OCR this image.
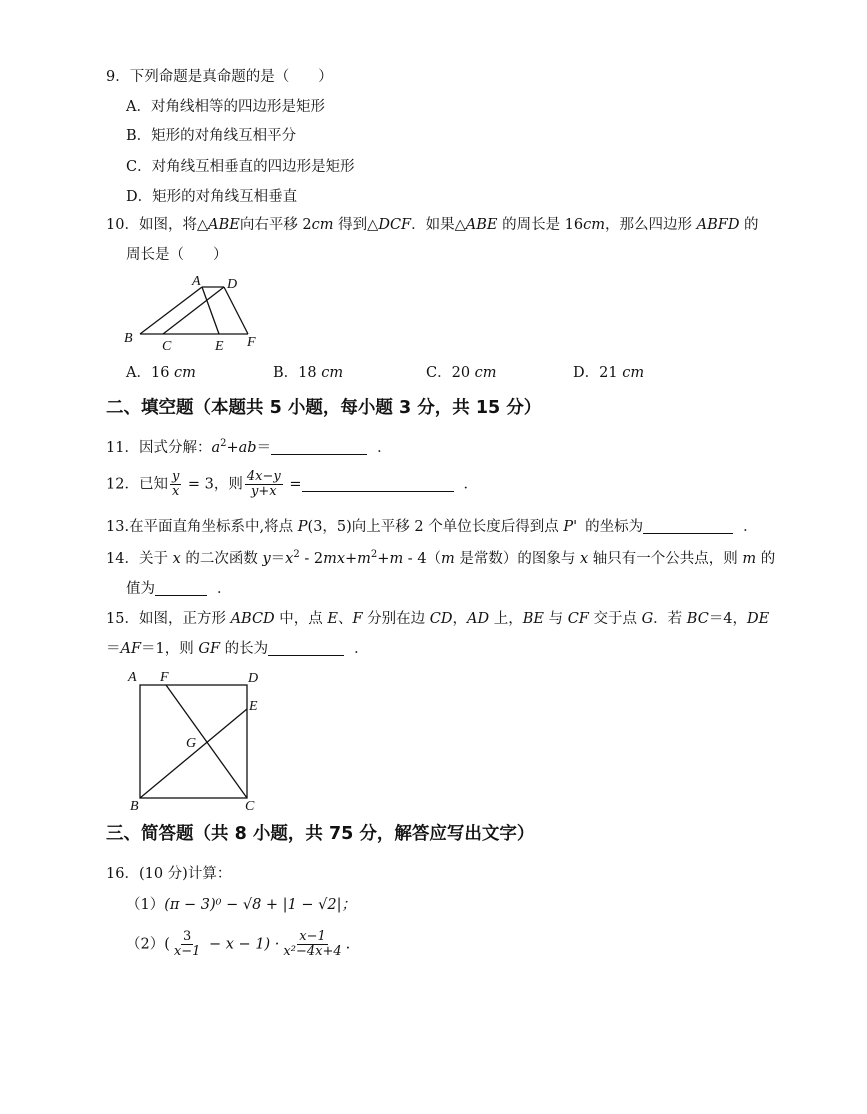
9．下列命题是真命题的是（　　）
A．对角线相等的四边形是矩形
B．矩形的对角线互相平分
C．对角线互相垂直的四边形是矩形
D．矩形的对角线互相垂直
10．如图，将△ABE向右平移 2cm 得到△DCF．如果△ABE 的周长是 16cm，那么四边形 ABFD 的
周长是（　　）
A D
B
C	E F
A．16 cm	B．18 cm	C．20 cm	D．21 cm
二、填空题（本题共 5 小题，每小题 3 分，共 15 分）
11．因式分解：$a^2+ab=$	．
12．已知 $\frac{y}{x} = 3$，则 $\frac{4x-y}{y+x}$ =	．
13.在平面直角坐标系中,将点 P(3，5)向上平移 2 个单位长度后得到点 P' 的坐标为	．
14．关于 x 的二次函数 $y=x^2 - 2mx+m^2+m - 4(m$ 是常数）的图象与 x 轴只有一个公共点，则 m 的
值为	．
15．如图，正方形 ABCD 中，点 E、F 分别在边 CD，AD 上，BE 与 CF 交于点 G．若 BC＝4，DE
＝AF＝1，则 GF 的长为	．
A F	D
E
G
B	C
三、简答题（共 8 小题，共 75 分，解答应写出文字）
16．(10 分)计算：
（1）(π − 3)⁰ − √8 + |1 − √2|；
$(2)( \frac{3}{x-1} - x - 1) \cdot \frac{x-1}{\text{x²−4x+4}}$ .
